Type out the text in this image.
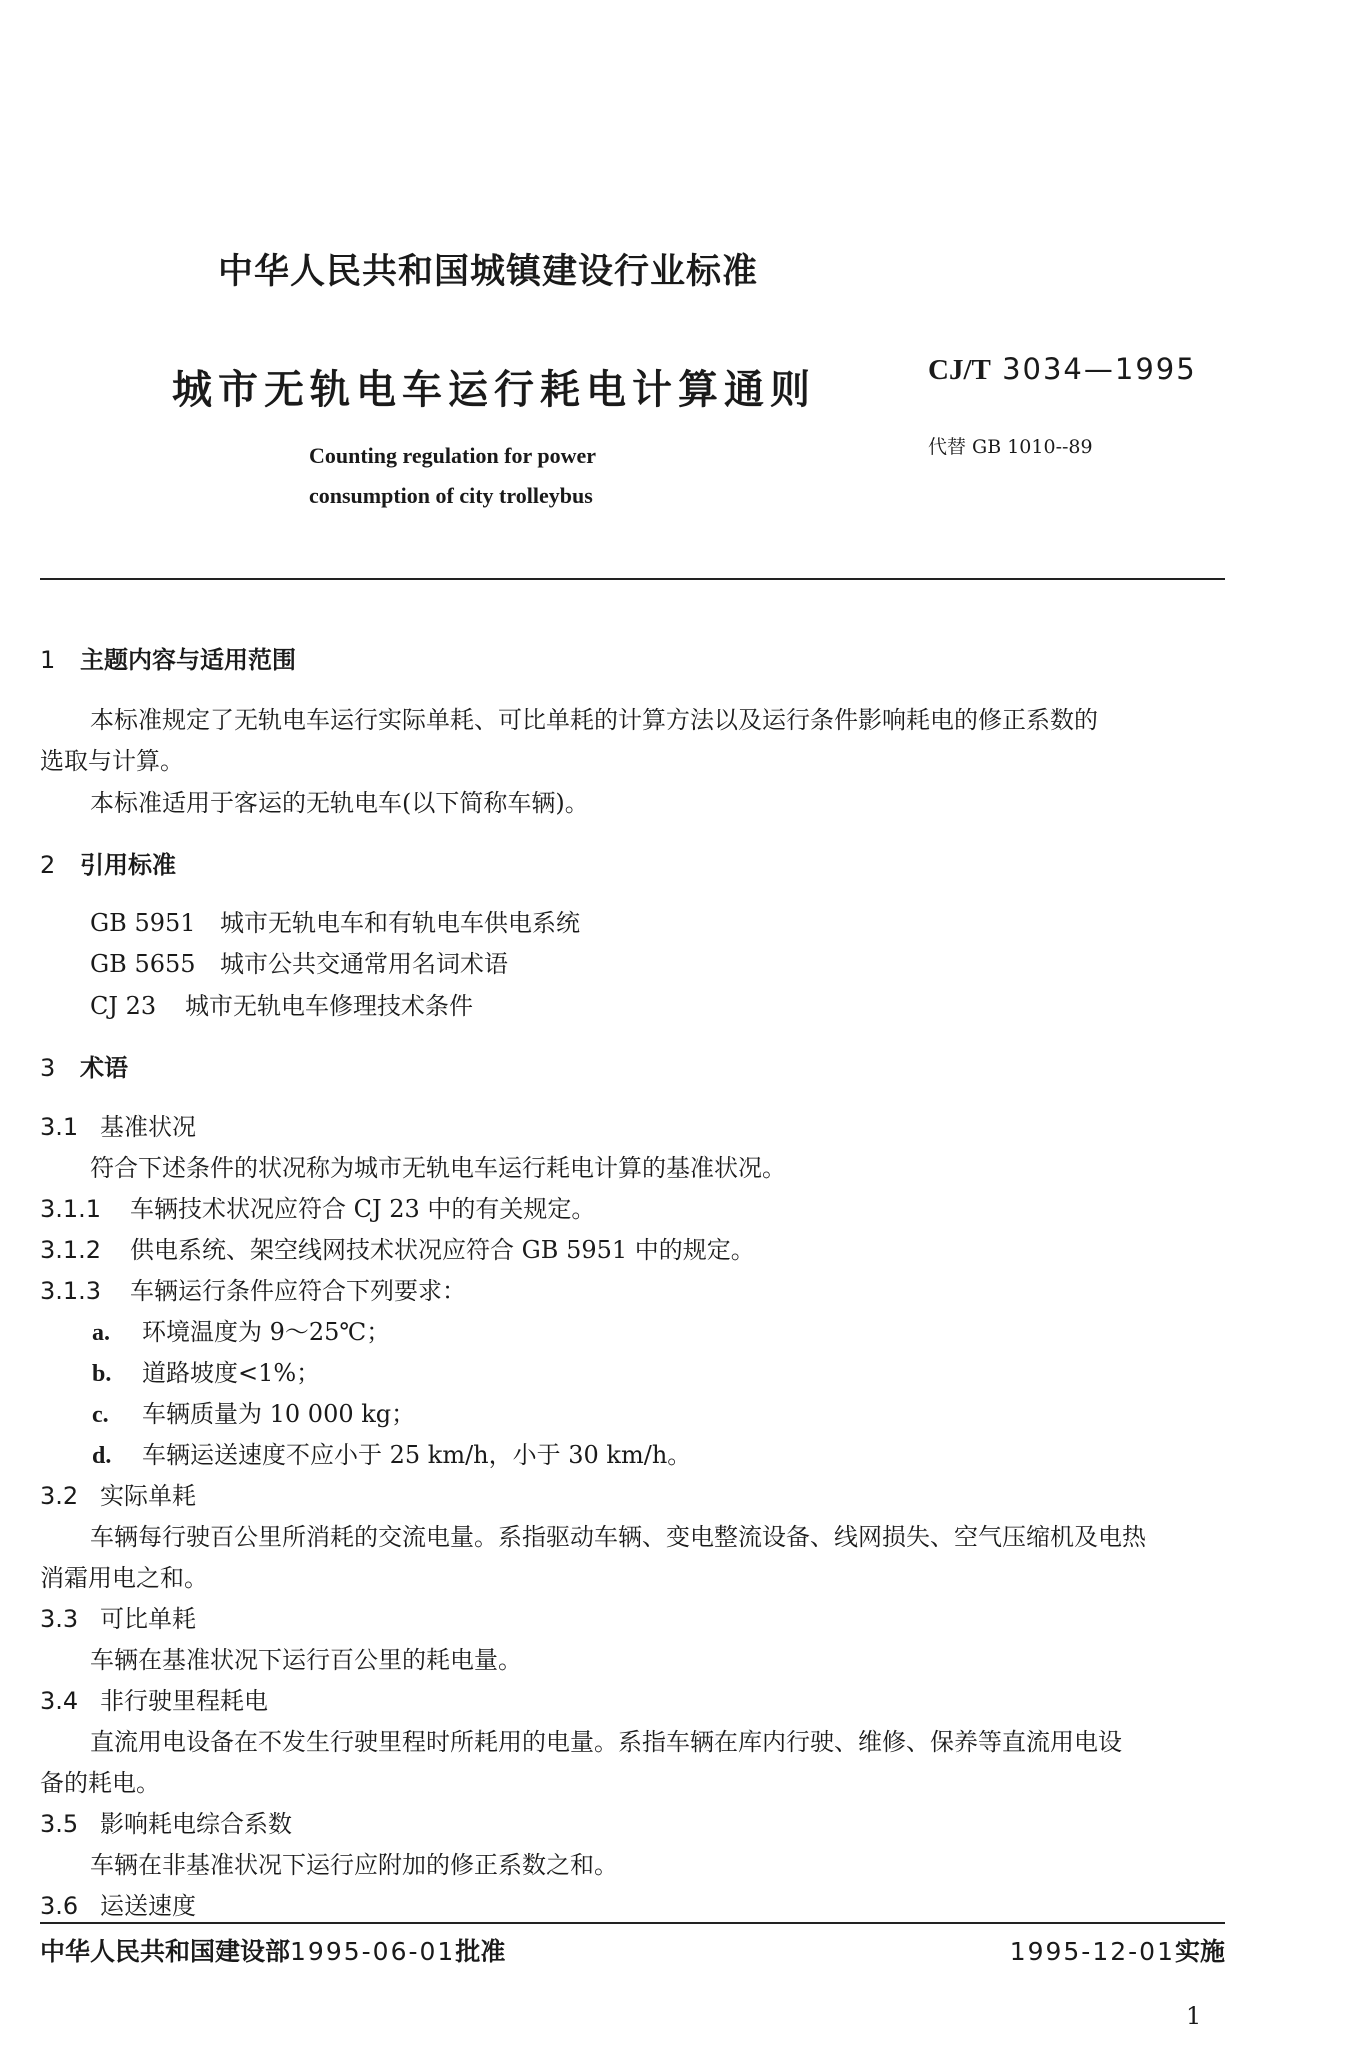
中华人民共和国城镇建设行业标准
城市无轨电车运行耗电计算通则
Counting regulation for power
consumption of city trolleybus
CJ/T 3034—1995
代替 GB 1010--89
1 主题内容与适用范围
本标准规定了无轨电车运行实际单耗、可比单耗的计算方法以及运行条件影响耗电的修正系数的
选取与计算。
本标准适用于客运的无轨电车(以下简称车辆)。
2 引用标准
GB 5951 城市无轨电车和有轨电车供电系统
GB 5655 城市公共交通常用名词术语
CJ 23 城市无轨电车修理技术条件
3 术语
3.1 基准状况
符合下述条件的状况称为城市无轨电车运行耗电计算的基准状况。
3.1.1 车辆技术状况应符合 CJ 23 中的有关规定。
3.1.2 供电系统、架空线网技术状况应符合 GB 5951 中的规定。
3.1.3 车辆运行条件应符合下列要求：
a. 环境温度为 9～25℃；
b. 道路坡度<1%；
c. 车辆质量为 10 000 kg；
d. 车辆运送速度不应小于 25 km/h，小于 30 km/h。
3.2 实际单耗
车辆每行驶百公里所消耗的交流电量。系指驱动车辆、变电整流设备、线网损失、空气压缩机及电热
消霜用电之和。
3.3 可比单耗
车辆在基准状况下运行百公里的耗电量。
3.4 非行驶里程耗电
直流用电设备在不发生行驶里程时所耗用的电量。系指车辆在库内行驶、维修、保养等直流用电设
备的耗电。
3.5 影响耗电综合系数
车辆在非基准状况下运行应附加的修正系数之和。
3.6 运送速度
中华人民共和国建设部1995-06-01批准	1995-12-01实施
1
